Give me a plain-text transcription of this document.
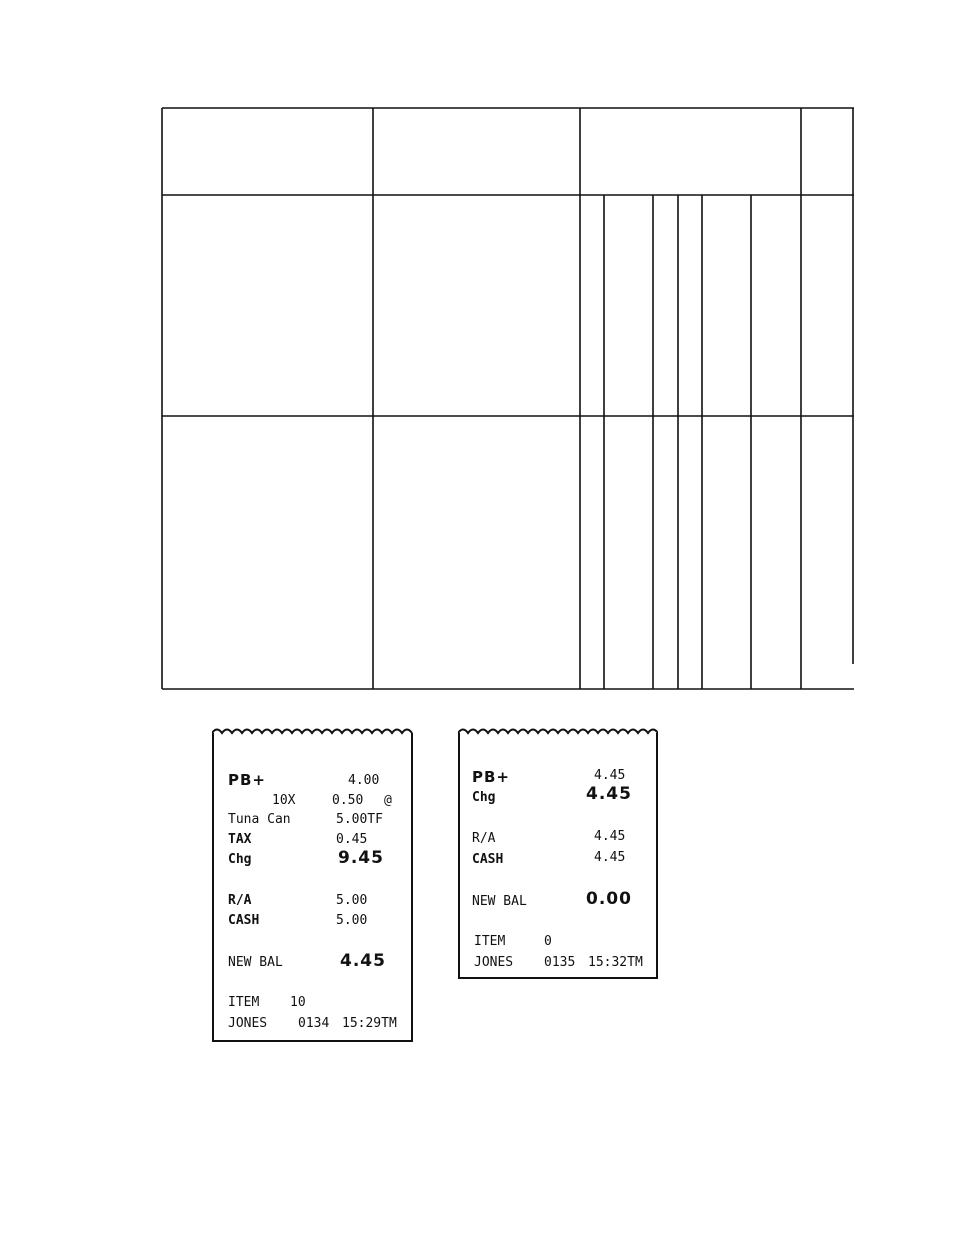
PB+	4.00
10X	0.50 @
Tuna Can	5.00TF
TAX	0.45
Chg	9.45
R/A	5.00
CASH	5.00
NEW BAL	4.45
ITEM 10
JONES 0134 15:29TM
PB+	4.45
Chg	4.45
R/A	4.45
CASH	4.45
NEW BAL	0.00
ITEM	0
JONES 0135 15:32TM
